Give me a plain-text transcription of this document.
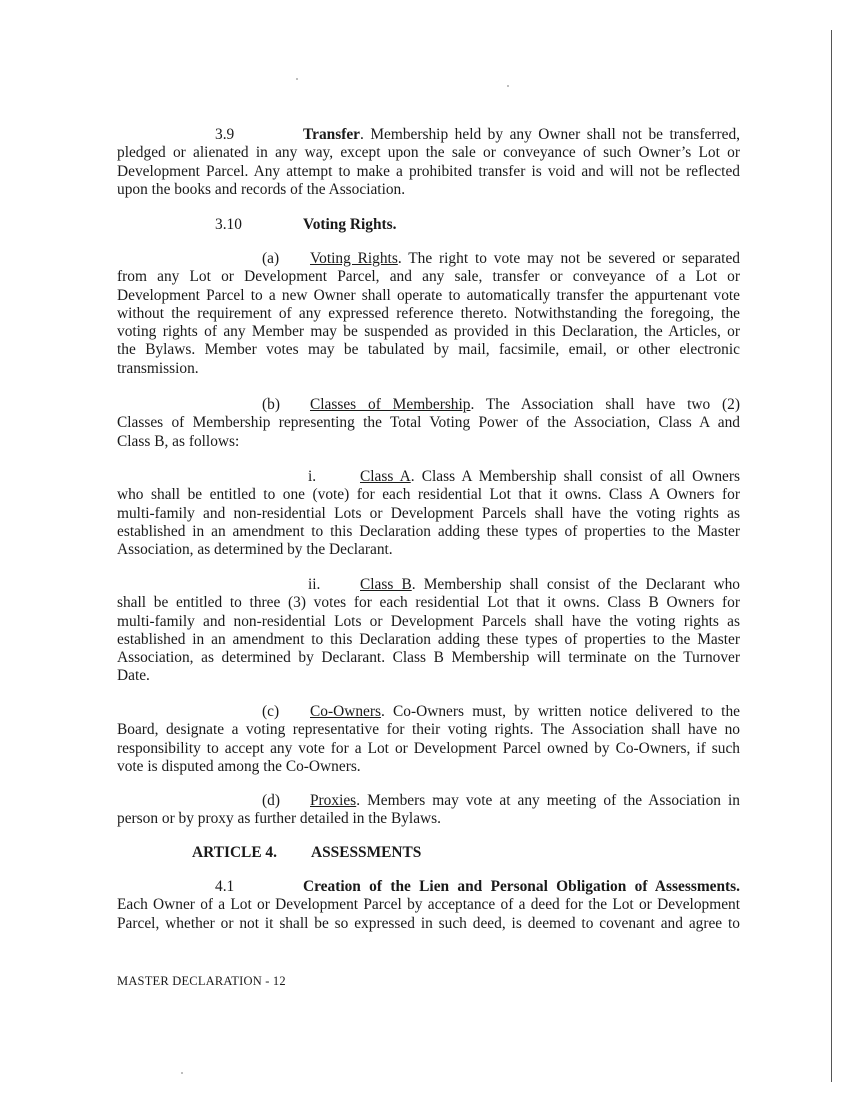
3.9	Transfer. Membership held by any Owner shall not be transferred,
pledged or alienated in any way, except upon the sale or conveyance of such Owner’s Lot or
Development Parcel. Any attempt to make a prohibited transfer is void and will not be reflected
upon the books and records of the Association.
3.10	Voting Rights.
(a) Voting Rights. The right to vote may not be severed or separated
from any Lot or Development Parcel, and any sale, transfer or conveyance of a Lot or
Development Parcel to a new Owner shall operate to automatically transfer the appurtenant vote
without the requirement of any expressed reference thereto. Notwithstanding the foregoing, the
voting rights of any Member may be suspended as provided in this Declaration, the Articles, or
the Bylaws. Member votes may be tabulated by mail, facsimile, email, or other electronic
transmission.
(b) Classes of Membership. The Association shall have two (2)
Classes of Membership representing the Total Voting Power of the Association, Class A and
Class B, as follows:
i.	Class A. Class A Membership shall consist of all Owners
who shall be entitled to one (vote) for each residential Lot that it owns. Class A Owners for
multi-family and non-residential Lots or Development Parcels shall have the voting rights as
established in an amendment to this Declaration adding these types of properties to the Master
Association, as determined by the Declarant.
ii.	Class B. Membership shall consist of the Declarant who
shall be entitled to three (3) votes for each residential Lot that it owns. Class B Owners for
multi-family and non-residential Lots or Development Parcels shall have the voting rights as
established in an amendment to this Declaration adding these types of properties to the Master
Association, as determined by Declarant. Class B Membership will terminate on the Turnover
Date.
(c) Co-Owners. Co-Owners must, by written notice delivered to the
Board, designate a voting representative for their voting rights. The Association shall have no
responsibility to accept any vote for a Lot or Development Parcel owned by Co-Owners, if such
vote is disputed among the Co-Owners.
(d) Proxies. Members may vote at any meeting of the Association in
person or by proxy as further detailed in the Bylaws.
ARTICLE 4. ASSESSMENTS
4.1	Creation of the Lien and Personal Obligation of Assessments.
Each Owner of a Lot or Development Parcel by acceptance of a deed for the Lot or Development
Parcel, whether or not it shall be so expressed in such deed, is deemed to covenant and agree to
MASTER DECLARATION - 12
